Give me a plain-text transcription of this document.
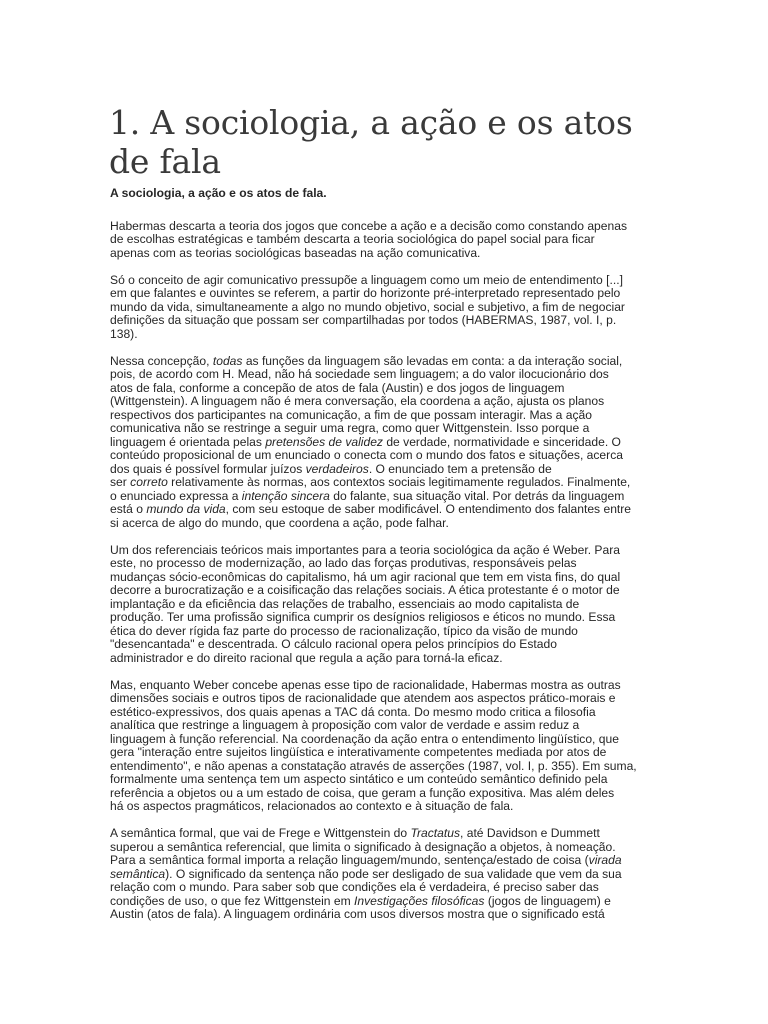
1. A sociologia, a ação e os atos de fala

A sociologia, a ação e os atos de fala.

Habermas descarta a teoria dos jogos que concebe a ação e a decisão como constando apenas
de escolhas estratégicas e também descarta a teoria sociológica do papel social para ficar
apenas com as teorias sociológicas baseadas na ação comunicativa.

Só o conceito de agir comunicativo pressupõe a linguagem como um meio de entendimento [...]
em que falantes e ouvintes se referem, a partir do horizonte pré-interpretado representado pelo
mundo da vida, simultaneamente a algo no mundo objetivo, social e subjetivo, a fim de negociar
definições da situação que possam ser compartilhadas por todos (HABERMAS, 1987, vol. I, p.
138).

Nessa concepção, todas as funções da linguagem são levadas em conta: a da interação social,
pois, de acordo com H. Mead, não há sociedade sem linguagem; a do valor ilocucionário dos
atos de fala, conforme a concepão de atos de fala (Austin) e dos jogos de linguagem
(Wittgenstein). A linguagem não é mera conversação, ela coordena a ação, ajusta os planos
respectivos dos participantes na comunicação, a fim de que possam interagir. Mas a ação
comunicativa não se restringe a seguir uma regra, como quer Wittgenstein. Isso porque a
linguagem é orientada pelas pretensões de validez de verdade, normatividade e sinceridade. O
conteúdo proposicional de um enunciado o conecta com o mundo dos fatos e situações, acerca
dos quais é possível formular juízos verdadeiros. O enunciado tem a pretensão de
ser correto relativamente às normas, aos contextos sociais legitimamente regulados. Finalmente,
o enunciado expressa a intenção sincera do falante, sua situação vital. Por detrás da linguagem
está o mundo da vida, com seu estoque de saber modificável. O entendimento dos falantes entre
si acerca de algo do mundo, que coordena a ação, pode falhar.

Um dos referenciais teóricos mais importantes para a teoria sociológica da ação é Weber. Para
este, no processo de modernização, ao lado das forças produtivas, responsáveis pelas
mudanças sócio-econômicas do capitalismo, há um agir racional que tem em vista fins, do qual
decorre a burocratização e a coisificação das relações sociais. A ética protestante é o motor de
implantação e da eficiência das relações de trabalho, essenciais ao modo capitalista de
produção. Ter uma profissão significa cumprir os desígnios religiosos e éticos no mundo. Essa
ética do dever rígida faz parte do processo de racionalização, típico da visão de mundo
"desencantada" e descentrada. O cálculo racional opera pelos princípios do Estado
administrador e do direito racional que regula a ação para torná-la eficaz.

Mas, enquanto Weber concebe apenas esse tipo de racionalidade, Habermas mostra as outras
dimensões sociais e outros tipos de racionalidade que atendem aos aspectos prático-morais e
estético-expressivos, dos quais apenas a TAC dá conta. Do mesmo modo critica a filosofia
analítica que restringe a linguagem à proposição com valor de verdade e assim reduz a
linguagem à função referencial. Na coordenação da ação entra o entendimento lingüístico, que
gera "interação entre sujeitos lingüística e interativamente competentes mediada por atos de
entendimento", e não apenas a constatação através de asserções (1987, vol. I, p. 355). Em suma,
formalmente uma sentença tem um aspecto sintático e um conteúdo semântico definido pela
referência a objetos ou a um estado de coisa, que geram a função expositiva. Mas além deles
há os aspectos pragmáticos, relacionados ao contexto e à situação de fala.

A semântica formal, que vai de Frege e Wittgenstein do Tractatus, até Davidson e Dummett
superou a semântica referencial, que limita o significado à designação a objetos, à nomeação.
Para a semântica formal importa a relação linguagem/mundo, sentença/estado de coisa (virada
semântica). O significado da sentença não pode ser desligado de sua validade que vem da sua
relação com o mundo. Para saber sob que condições ela é verdadeira, é preciso saber das
condições de uso, o que fez Wittgenstein em Investigações filosóficas (jogos de linguagem) e
Austin (atos de fala). A linguagem ordinária com usos diversos mostra que o significado está
